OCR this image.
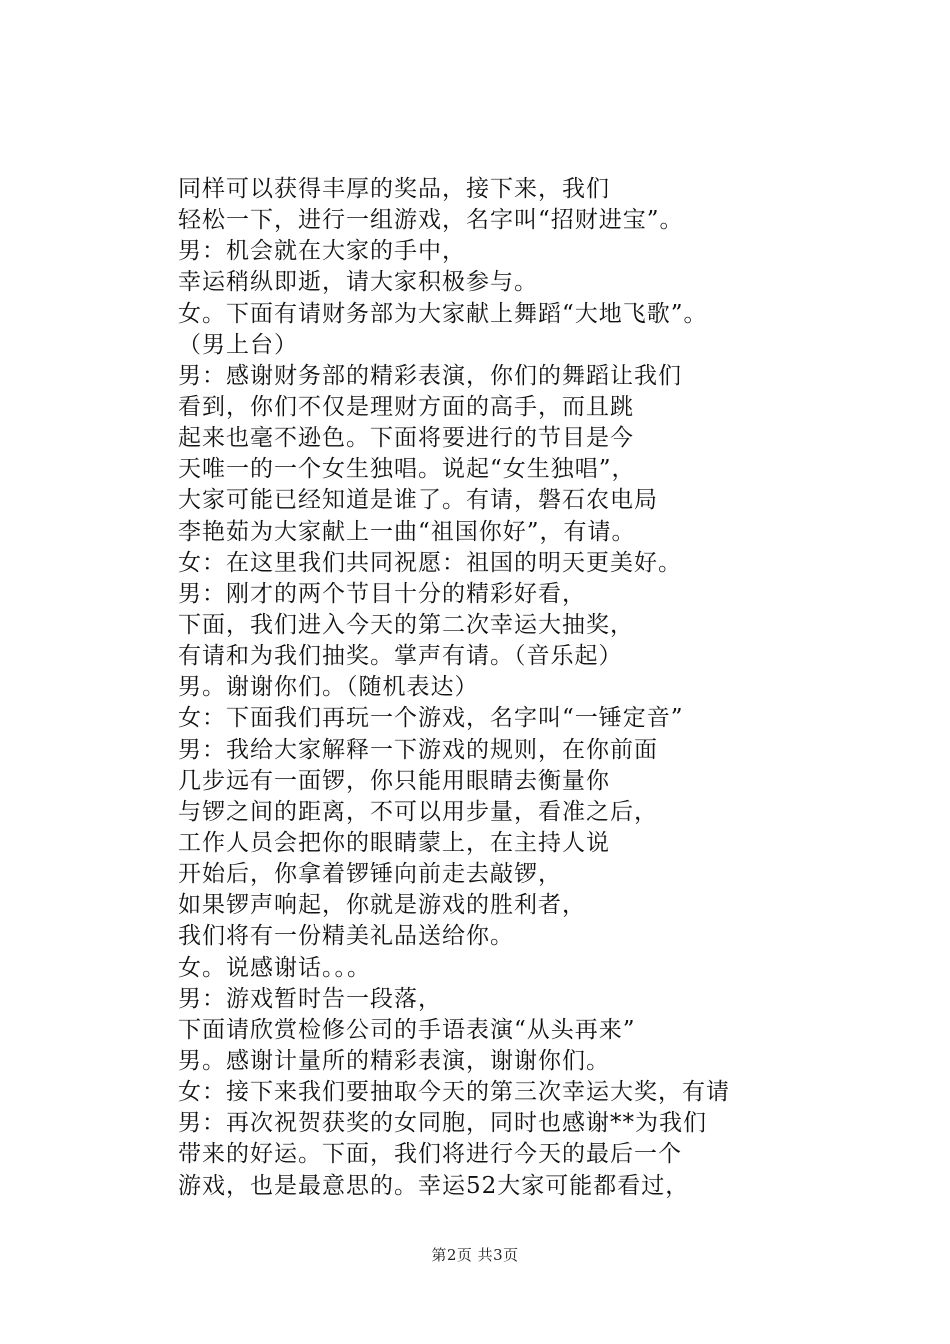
同样可以获得丰厚的奖品，接下来，我们
轻松一下，进行一组游戏，名字叫“招财进宝”。
男：机会就在大家的手中，
幸运稍纵即逝，请大家积极参与。
女。下面有请财务部为大家献上舞蹈“大地飞歌”。
（男上台）
男：感谢财务部的精彩表演，你们的舞蹈让我们
看到，你们不仅是理财方面的高手，而且跳
起来也毫不逊色。下面将要进行的节目是今
天唯一的一个女生独唱。说起“女生独唱”，
大家可能已经知道是谁了。有请，磐石农电局
李艳茹为大家献上一曲“祖国你好”，有请。
女：在这里我们共同祝愿：祖国的明天更美好。
男：刚才的两个节目十分的精彩好看，
下面，我们进入今天的第二次幸运大抽奖，
有请和为我们抽奖。掌声有请。（音乐起）
男。谢谢你们。（随机表达）
女：下面我们再玩一个游戏，名字叫“一锤定音”
男：我给大家解释一下游戏的规则，在你前面
几步远有一面锣，你只能用眼睛去衡量你
与锣之间的距离，不可以用步量，看准之后，
工作人员会把你的眼睛蒙上，在主持人说
开始后，你拿着锣锤向前走去敲锣，
如果锣声响起，你就是游戏的胜利者，
我们将有一份精美礼品送给你。
女。说感谢话。。。
男：游戏暂时告一段落，
下面请欣赏检修公司的手语表演“从头再来”
男。感谢计量所的精彩表演，谢谢你们。
女：接下来我们要抽取今天的第三次幸运大奖，有请
男：再次祝贺获奖的女同胞，同时也感谢**为我们
带来的好运。下面，我们将进行今天的最后一个
游戏，也是最意思的。幸运52大家可能都看过，
第2页 共3页
